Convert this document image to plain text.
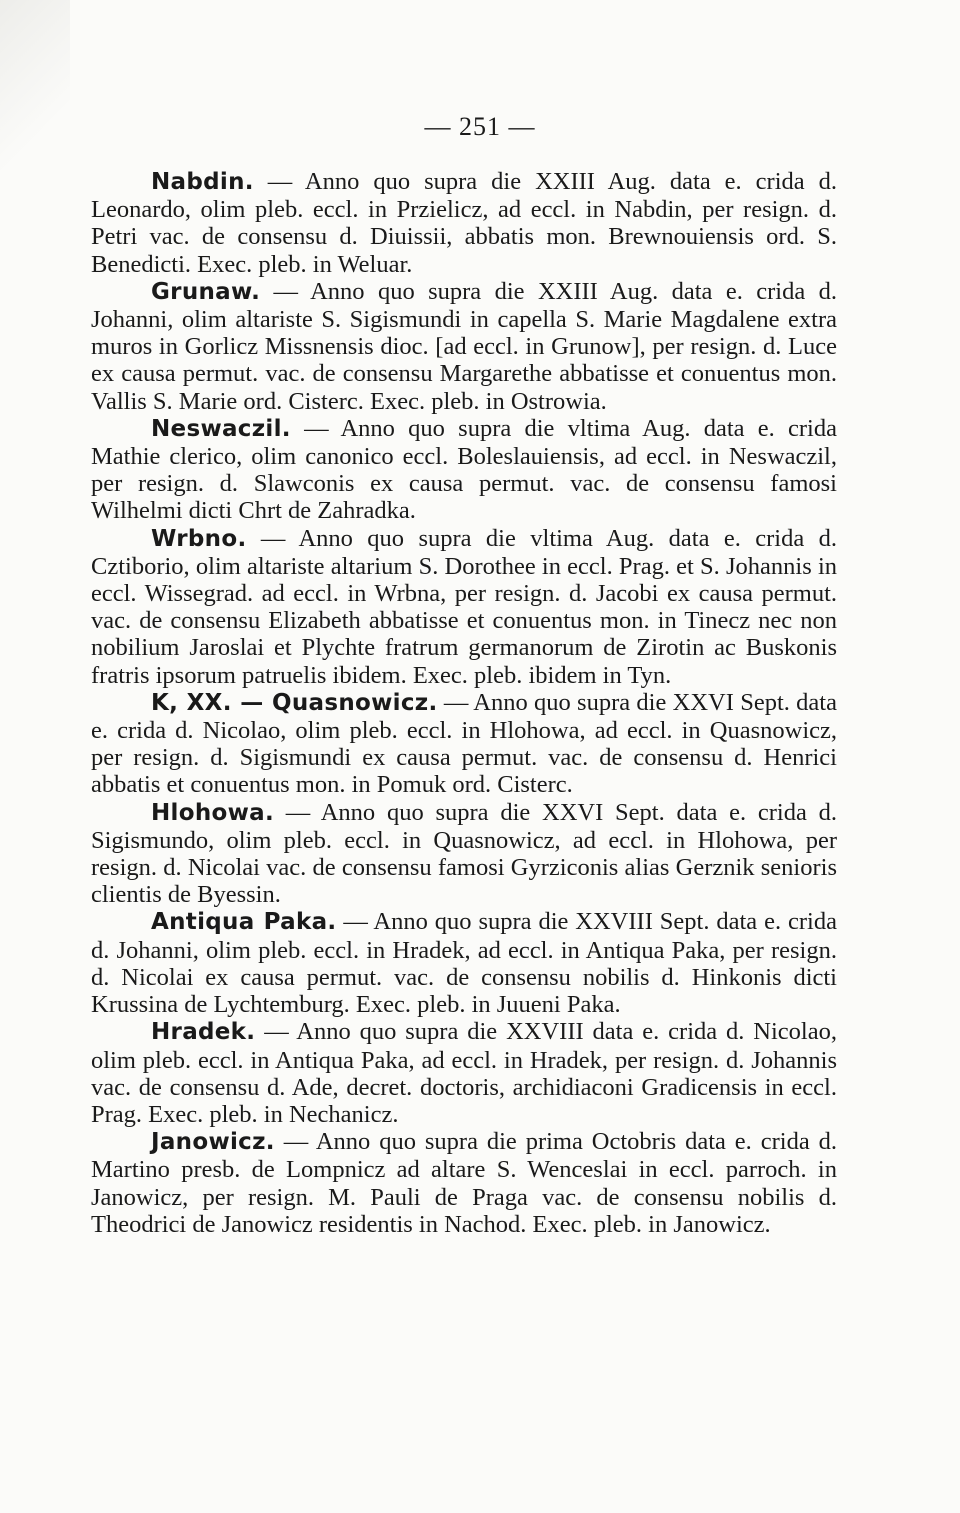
— 251 —

Nabdin. — Anno quo supra die XXIII Aug. data e. crida d. Leonardo, olim pleb. eccl. in Przielicz, ad eccl. in Nabdin, per resign. d. Petri vac. de consensu d. Diuissii, abbatis mon. Brewnouiensis ord. S. Benedicti. Exec. pleb. in Weluar.

Grunaw. — Anno quo supra die XXIII Aug. data e. crida d. Johanni, olim altariste S. Sigismundi in capella S. Marie Magdalene extra muros in Gorlicz Missnensis dioc. [ad eccl. in Grunow], per resign. d. Luce ex causa permut. vac. de consensu Margarethe abbatisse et conuentus mon. Vallis S. Marie ord. Cisterc. Exec. pleb. in Ostrowia.

Neswaczil. — Anno quo supra die vltima Aug. data e. crida Mathie clerico, olim canonico eccl. Boleslauiensis, ad eccl. in Neswaczil, per resign. d. Slawconis ex causa permut. vac. de consensu famosi Wilhelmi dicti Chrt de Zahradka.

Wrbno. — Anno quo supra die vltima Aug. data e. crida d. Cztiborio, olim altariste altarium S. Dorothee in eccl. Prag. et S. Johannis in eccl. Wissegrad. ad eccl. in Wrbna, per resign. d. Jacobi ex causa permut. vac. de consensu Elizabeth abbatisse et conuentus mon. in Tinecz nec non nobilium Jaroslai et Plychte fratrum germanorum de Zirotin ac Buskonis fratris ipsorum patruelis ibidem. Exec. pleb. ibidem in Tyn.

K, XX. — Quasnowicz. — Anno quo supra die XXVI Sept. data e. crida d. Nicolao, olim pleb. eccl. in Hlohowa, ad eccl. in Quasnowicz, per resign. d. Sigismundi ex causa permut. vac. de consensu d. Henrici abbatis et conuentus mon. in Pomuk ord. Cisterc.

Hlohowa. — Anno quo supra die XXVI Sept. data e. crida d. Sigismundo, olim pleb. eccl. in Quasnowicz, ad eccl. in Hlohowa, per resign. d. Nicolai vac. de consensu famosi Gyrziconis alias Gerznik senioris clientis de Byessin.

Antiqua Paka. — Anno quo supra die XXVIII Sept. data e. crida d. Johanni, olim pleb. eccl. in Hradek, ad eccl. in Antiqua Paka, per resign. d. Nicolai ex causa permut. vac. de consensu nobilis d. Hinkonis dicti Krussina de Lychtemburg. Exec. pleb. in Juueni Paka.

Hradek. — Anno quo supra die XXVIII data e. crida d. Nicolao, olim pleb. eccl. in Antiqua Paka, ad eccl. in Hradek, per resign. d. Johannis vac. de consensu d. Ade, decret. doctoris, archidiaconi Gradicensis in eccl. Prag. Exec. pleb. in Nechanicz.

Janowicz. — Anno quo supra die prima Octobris data e. crida d. Martino presb. de Lompnicz ad altare S. Wenceslai in eccl. parroch. in Janowicz, per resign. M. Pauli de Praga vac. de consensu nobilis d. Theodrici de Janowicz residentis in Nachod. Exec. pleb. in Janowicz.
